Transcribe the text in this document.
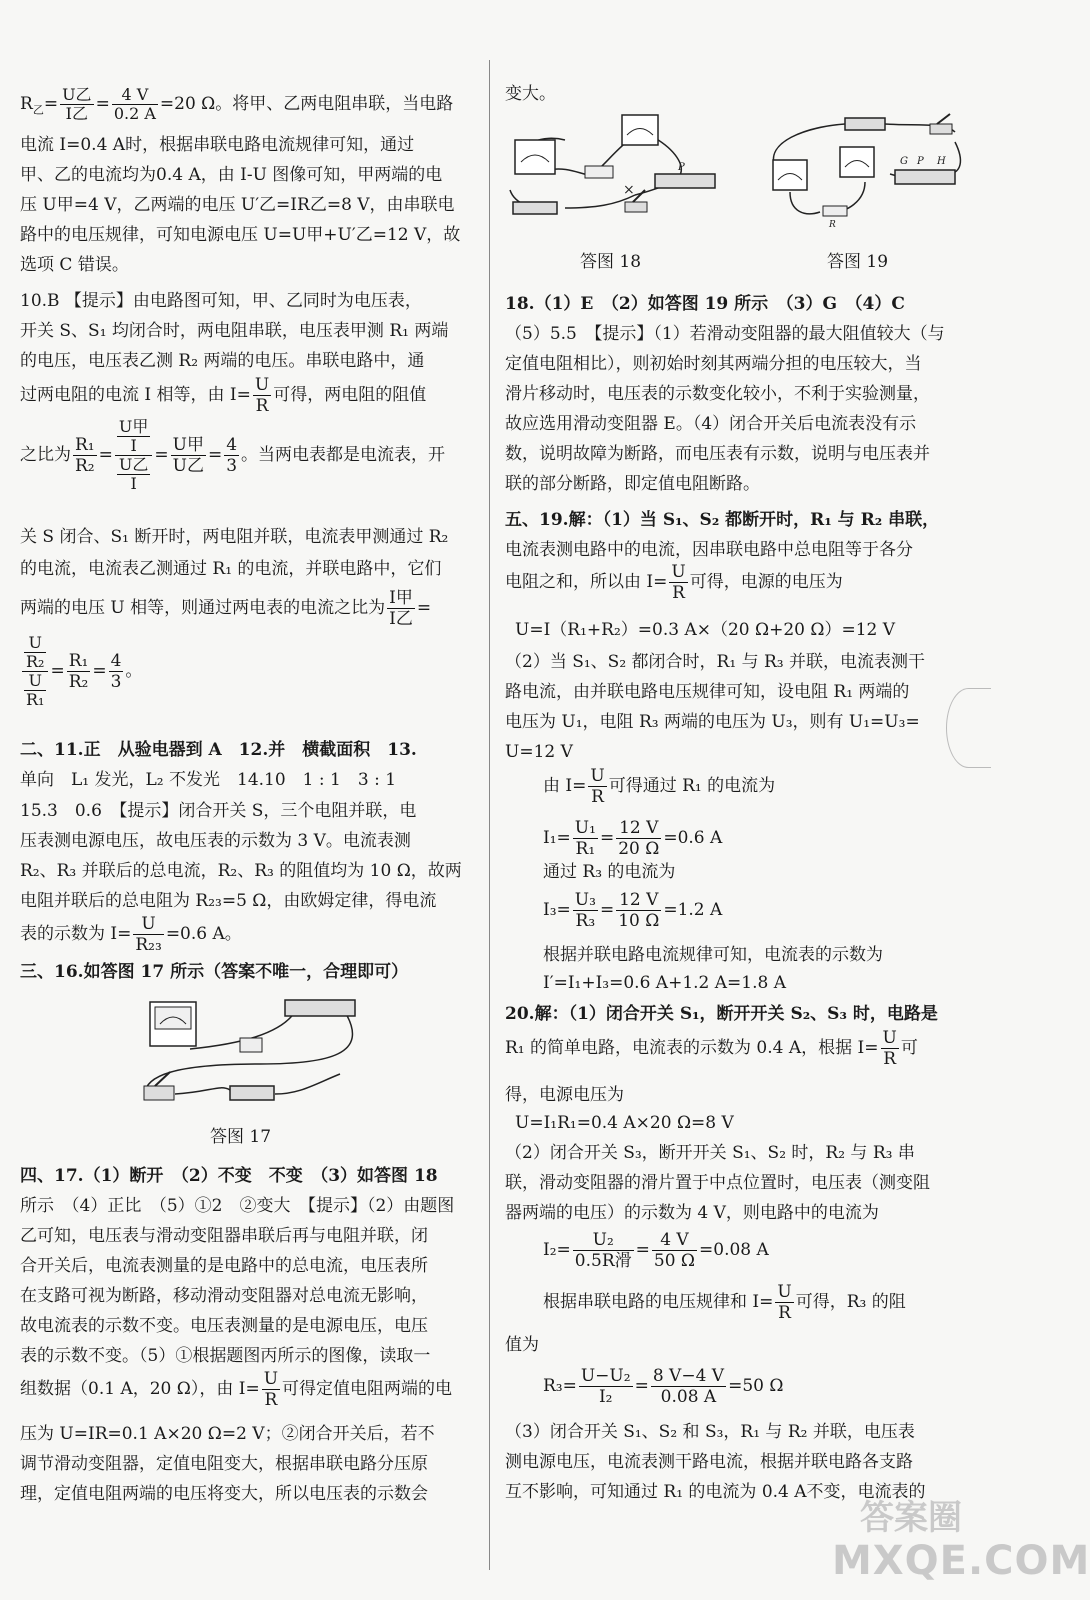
$R_乙= \frac{\text{U乙}}{\text{I乙}} = \frac{4 V}{0.2 A} =20$ Ω。将甲、乙两电阻串联，当电路
电流 I=0.4 A时，根据串联电路电流规律可知，通过
甲、乙的电流均为0.4 A，由 I-U 图像可知，甲两端的电
压 U甲=4 V，乙两端的电压 U′乙=IR乙=8 V，由串联电
路中的电压规律，可知电源电压 U=U甲+U′乙=12 V，故
选项 C 错误。
10.B 【提示】由电路图可知，甲、乙同时为电压表，
开关 S、S₁ 均闭合时，两电阻串联，电压表甲测 R₁ 两端
的电压，电压表乙测 R₂ 两端的电压。串联电路中，通
过两电阻的电流 I 相等，由 $I= \frac{U}{R}$ 可得，两电阻的阻值
之比为 $\frac{\text{R₁}}{\text{R₂}} = \frac{\frac{\text{U甲}}{I}}{\frac{\text{U乙}}{I}} = \frac{\text{U甲}}{\text{U乙}} = \frac{4}{3}$ 。当两电表都是电流表，开
关 S 闭合、S₁ 断开时，两电阻并联，电流表甲测通过 R₂
的电流，电流表乙测通过 R₁ 的电流，并联电路中，它们
两端的电压 U 相等，则通过两电表的电流之比为 $\frac{\text{I甲}}{\text{I乙}}$ =
$\frac{\frac{U}{\text{R₂}}}{\frac{U}{\text{R₁}}} = \frac{\text{R₁}}{\text{R₂}} = \frac{4}{3}$ 。
二、11.正　从验电器到 A　12.并　横截面积　13.
单向　L₁ 发光，L₂ 不发光　14.10　1 : 1　3 : 1
15.3　0.6　【提示】闭合开关 S，三个电阻并联，电
压表测电源电压，故电压表的示数为 3 V。电流表测
R₂、R₃ 并联后的总电流，R₂、R₃ 的阻值均为 10 Ω，故两
电阻并联后的总电阻为 R₂₃=5 Ω，由欧姆定律，得电流
表的示数为 $I= \frac{U}{\text{R₂₃}} =0.6$ A。
三、16.如答图 17 所示（答案不唯一，合理即可）
答图 17
四、17.（1）断开　（2）不变　不变　（3）如答图 18
所示　（4）正比　（5）①2　②变大　【提示】（2）由题图
乙可知，电压表与滑动变阻器串联后再与电阻并联，闭
合开关后，电流表测量的是电路中的总电流，电压表所
在支路可视为断路，移动滑动变阻器对总电流无影响，
故电流表的示数不变。电压表测量的是电源电压，电压
表的示数不变。（5）①根据题图丙所示的图像，读取一
组数据（0.1 A，20 Ω），由 $I= \frac{U}{R}$ 可得定值电阻两端的电
压为 U=IR=0.1 A×20 Ω=2 V；②闭合开关后，若不
调节滑动变阻器，定值电阻变大，根据串联电路分压原
理，定值电阻两端的电压将变大，所以电压表的示数会
变大。
×
P
答图 18
G P H
R
答图 19
18.（1）E　（2）如答图 19 所示　（3）G　（4）C
（5）5.5　【提示】（1）若滑动变阻器的最大阻值较大（与
定值电阻相比），则初始时刻其两端分担的电压较大，当
滑片移动时，电压表的示数变化较小，不利于实验测量，
故应选用滑动变阻器 E。（4）闭合开关后电流表没有示
数，说明故障为断路，而电压表有示数，说明与电压表并
联的部分断路，即定值电阻断路。
五、19.解：（1）当 S₁、S₂ 都断开时，R₁ 与 R₂ 串联，
电流表测电路中的电流，因串联电路中总电阻等于各分
电阻之和，所以由 $I= \frac{U}{R}$ 可得，电源的电压为
U=I（R₁+R₂）=0.3 A×（20 Ω+20 Ω）=12 V
（2）当 S₁、S₂ 都闭合时，R₁ 与 R₃ 并联，电流表测干
路电流，由并联电路电压规律可知，设电阻 R₁ 两端的
电压为 U₁，电阻 R₃ 两端的电压为 U₃，则有 U₁=U₃=
U=12 V
由 $I= \frac{U}{R}$ 可得通过 R₁ 的电流为
$I_1= \frac{\text{U₁}}{\text{R₁}} = \frac{12 V}{20 \Omega} =0.6$ A
通过 R₃ 的电流为
$I_3= \frac{\text{U₃}}{\text{R₃}} = \frac{12 V}{10 \Omega} =1.2$ A
根据并联电路电流规律可知，电流表的示数为
I′=I₁+I₃=0.6 A+1.2 A=1.8 A
20.解：（1）闭合开关 S₁，断开开关 S₂、S₃ 时，电路是
R₁ 的简单电路，电流表的示数为 0.4 A，根据 $I= \frac{U}{R}$ 可
得，电源电压为
U=I₁R₁=0.4 A×20 Ω=8 V
（2）闭合开关 S₃，断开开关 S₁、S₂ 时，R₂ 与 R₃ 串
联，滑动变阻器的滑片置于中点位置时，电压表（测变阻
器两端的电压）的示数为 4 V，则电路中的电流为
$I_2= \frac{\text{U₂}}{\text{0.5R滑}} = \frac{4 V}{50 \Omega} =0.08$ A
根据串联电路的电压规律和 $I= \frac{U}{R}$ 可得，R₃ 的阻
值为
$R_3= \frac{\text{U−U₂}}{\text{I₂}} = \frac{8 V-4 V}{0.08 A} =50$ Ω
（3）闭合开关 S₁、S₂ 和 S₃，R₁ 与 R₂ 并联，电压表
测电源电压，电流表测干路电流，根据并联电路各支路
互不影响，可知通过 R₁ 的电流为 0.4 A不变，电流表的
答案圈
MXQE.COM
